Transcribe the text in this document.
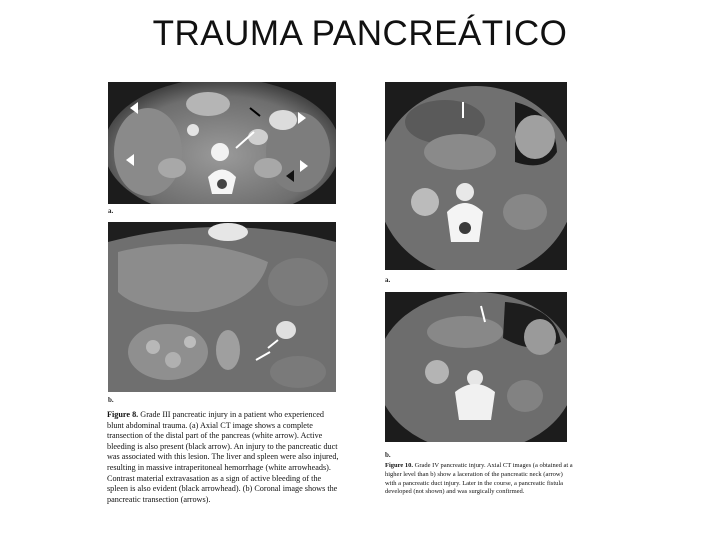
TRAUMA PANCREÁTICO
a.
b.
Figure 8. Grade III pancreatic injury in a patient who experienced blunt abdominal trauma. (a) Axial CT image shows a complete transection of the distal part of the pancreas (white arrow). Active bleeding is also present (black arrow). An injury to the pancreatic duct was associated with this lesion. The liver and spleen were also injured, resulting in massive intraperitoneal hemorrhage (white arrowheads). Contrast material extravasation as a sign of active bleeding of the spleen is also evident (black arrowhead). (b) Coronal image shows the pancreatic transection (arrows).
a.
b.
Figure 10. Grade IV pancreatic injury. Axial CT images (a obtained at a higher level than b) show a laceration of the pancreatic neck (arrow) with a pancreatic duct injury. Later in the course, a pancreatic fistula developed (not shown) and was surgically confirmed.
